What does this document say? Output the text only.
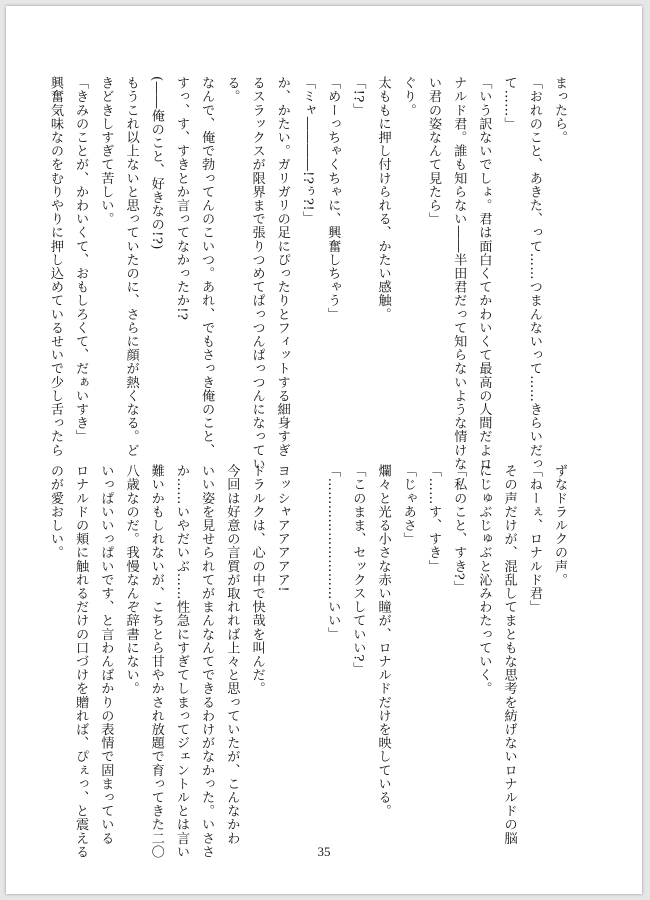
まったら。
「おれのこと、あきた、って……つまんないって……きらいだっ
て……」
「いう訳ないでしょ。君は面白くてかわいくて最高の人間だよロ
ナルド君。誰も知らない――半田君だって知らないような情けな
い君の姿なんて見たら」
ぐり。
太ももに押し付けられる、かたい感触。
「!?」
「めーっちゃくちゃに、興奮しちゃう」
「ミャ――――!?ぅ?!」
か、かたい。ガリガリの足にぴったりとフィットする細身すぎ
るスラックスが限界まで張りつめてぱっつんぱっつんになってい
る。
なんで、俺で勃ってんのこいつ。あれ、でもさっき俺のこと、
すっ、す、すきとか言ってなかったか!?
(――俺のこと、好きなの!?)
もうこれ以上ないと思っていたのに、さらに顔が熱くなる。ど
きどきしすぎて苦しい。
「きみのことが、かわいくて、おもしろくて、だぁいすき」
興奮気味なのをむりやりに押し込めているせいで少し舌ったら
ずなドラルクの声。
「ねーぇ、ロナルド君」
その声だけが、混乱してまともな思考を紡げないロナルドの脳
にじゅぶじゅぶと沁みわたっていく。
「私のこと、すき?」
「……す、すき」
「じゃあさ」
爛々と光る小さな赤い瞳が、ロナルドだけを映している。
「このまま、セックスしていい?」
「………………………いい」

ヨッシャアアアアア!
ドラルクは、心の中で快哉を叫んだ。
今回は好意の言質が取れれば上々と思っていたが、こんなかわ
いい姿を見せられてがまんなんてできるわけがなかった。いささ
か……いやだいぶ……性急にすぎてしまってジェントルとは言い
難いかもしれないが、こちとら甘やかされ放題で育ってきた二〇
八歳なのだ。我慢なんぞ辞書にない。
いっぱいいっぱいです、と言わんばかりの表情で固まっている
ロナルドの頬に触れるだけの口づけを贈れば、ぴぇっ、と震える
のが愛おしい。
35
